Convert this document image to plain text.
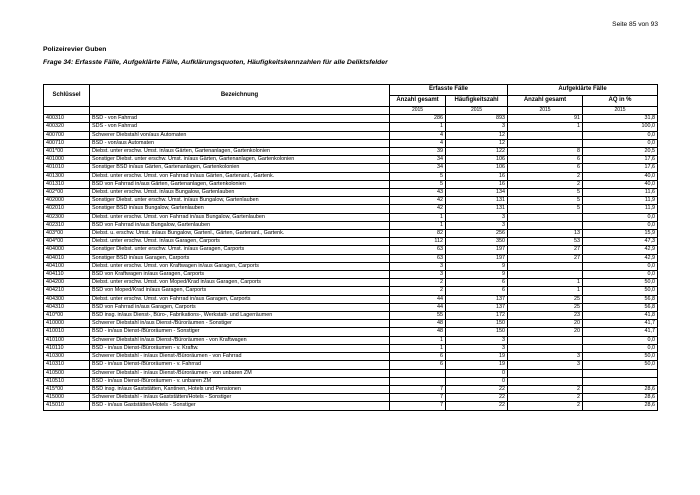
Seite 85 von 93
Polizeirevier Guben
Frage 34: Erfasste Fälle, Aufgeklärte Fälle, Aufklärungsquoten, Häufigkeitskennzahlen für alle Deliktsfelder
Schlüssel	Bezeichnung	Erfasste Fälle		Aufgeklärte Fälle	
		Anzahl gesamt	Häufigkeitszahl	Anzahl gesamt	AQ in %
		2015	2015	2015	2015
400310	BSD - von Fahrrad	286	893	91	31,8
400320	SDS - von Fahrrad	1	3	1	100,0
400700	Schwerer Diebstahl von/aus Automaten	4	12		0,0
400710	BSD - von/aus Automaten	4	12		0,0
401*00	Diebst. unter erschw. Umst. in/aus Gärten, Gartenanlagen, Gartenkolonien	39	122	8	20,5
401000	Sonstiger Diebst. unter erschw. Umst. in/aus Gärten, Gartenanlagen, Gartenkolonien	34	106	6	17,6
401010	Sonstiger BSD in/aus Gärten, Gartenanlagen, Gartenkolonien	34	106	6	17,6
401300	Diebst. unter erschw. Umst. von Fahrrad in/aus Gärten, Gartenanl., Gartenk.	5	16	2	40,0
401310	BSD von Fahrrad in/aus Gärten, Gartenanlagen, Gartenkolonien	5	16	2	40,0
402*00	Diebst. unter erschw. Umst. in/aus Bungalow, Gartenlauben	43	134	5	11,6
402000	Sonstiger Diebst. unter erschw. Umst. in/aus Bungalow, Gartenlauben	42	131	5	11,9
402010	Sonstiger BSD in/aus Bungalow, Gartenlauben	42	131	5	11,9
402300	Diebst. unter erschw. Umst. von Fahrrad in/aus Bungalow, Gartenlauben	1	3		0,0
402310	BSD von Fahrrad in/aus Bungalow, Gartenlauben	1	3		0,0
403*00	Diebst. u. erschw. Umst. in/aus Bungalow, Gartenl., Gärten, Gartenanl., Gartenk.	82	256	13	15,9
404*00	Diebst. unter erschw. Umst. in/aus Garagen, Carports	112	350	53	47,3
404000	Sonstiger Diebst. unter erschw. Umst. in/aus Garagen, Carports	63	197	27	42,9
404010	Sonstiger BSD in/aus Garagen, Carports	63	197	27	42,9
404100	Diebst. unter erschw. Umst. von Kraftwagen in/aus Garagen, Carports	3	9		0,0
404110	BSD von Kraftwagen in/aus Garagen, Carports	3	9		0,0
404200	Diebst. unter erschw. Umst. von Moped/Krad in/aus Garagen, Carports	2	6	1	50,0
404210	BSD von Moped/Krad in/aus Garagen, Carports	2	6	1	50,0
404300	Diebst. unter erschw. Umst. von Fahrrad in/aus Garagen, Carports	44	137	25	56,8
404310	BSD von Fahrrad in/aus Garagen, Carports	44	137	25	56,8
410*00	BSD insg. in/aus Dienst-, Büro-, Fabrikations-, Werkstatt- und Lagerräumen	55	172	23	41,8
410000	Schwerer Diebstahl in/aus Dienst-/Büroräumen - Sonstiger	48	150	20	41,7
410010	BSD - in/aus Dienst-/Büroräumen - Sonstiger	48	150	20	41,7
410100	Schwerer Diebstahl in/aus Dienst-/Büroräumen - von Kraftwagen	1	3		0,0
410110	BSD - in/aus Dienst-/Büroräumen - v. Kraftw.	1	3		0,0
410300	Schwerer Diebstahl - in/aus Dienst-/Büroräumen - von Fahrrad	6	19	3	50,0
410310	BSD - in/aus Dienst-/Büroräumen - v. Fahrrad	6	19	3	50,0
410500	Schwerer Diebstahl - in/aus Dienst-/Büroräumen - von unbaren ZM		0		
410510	BSD - in/aus Dienst-/Büroräumen - v. unbaren ZM		0		
415*00	BSD insg. in/aus Gaststätten, Kantinen, Hotels und Pensionen	7	22	2	28,6
415000	Schwerer Diebstahl - in/aus Gaststätten/Hotels - Sonstiger	7	22	2	28,6
415010	BSD - in/aus Gaststätten/Hotels - Sonstiger	7	22	2	28,6
